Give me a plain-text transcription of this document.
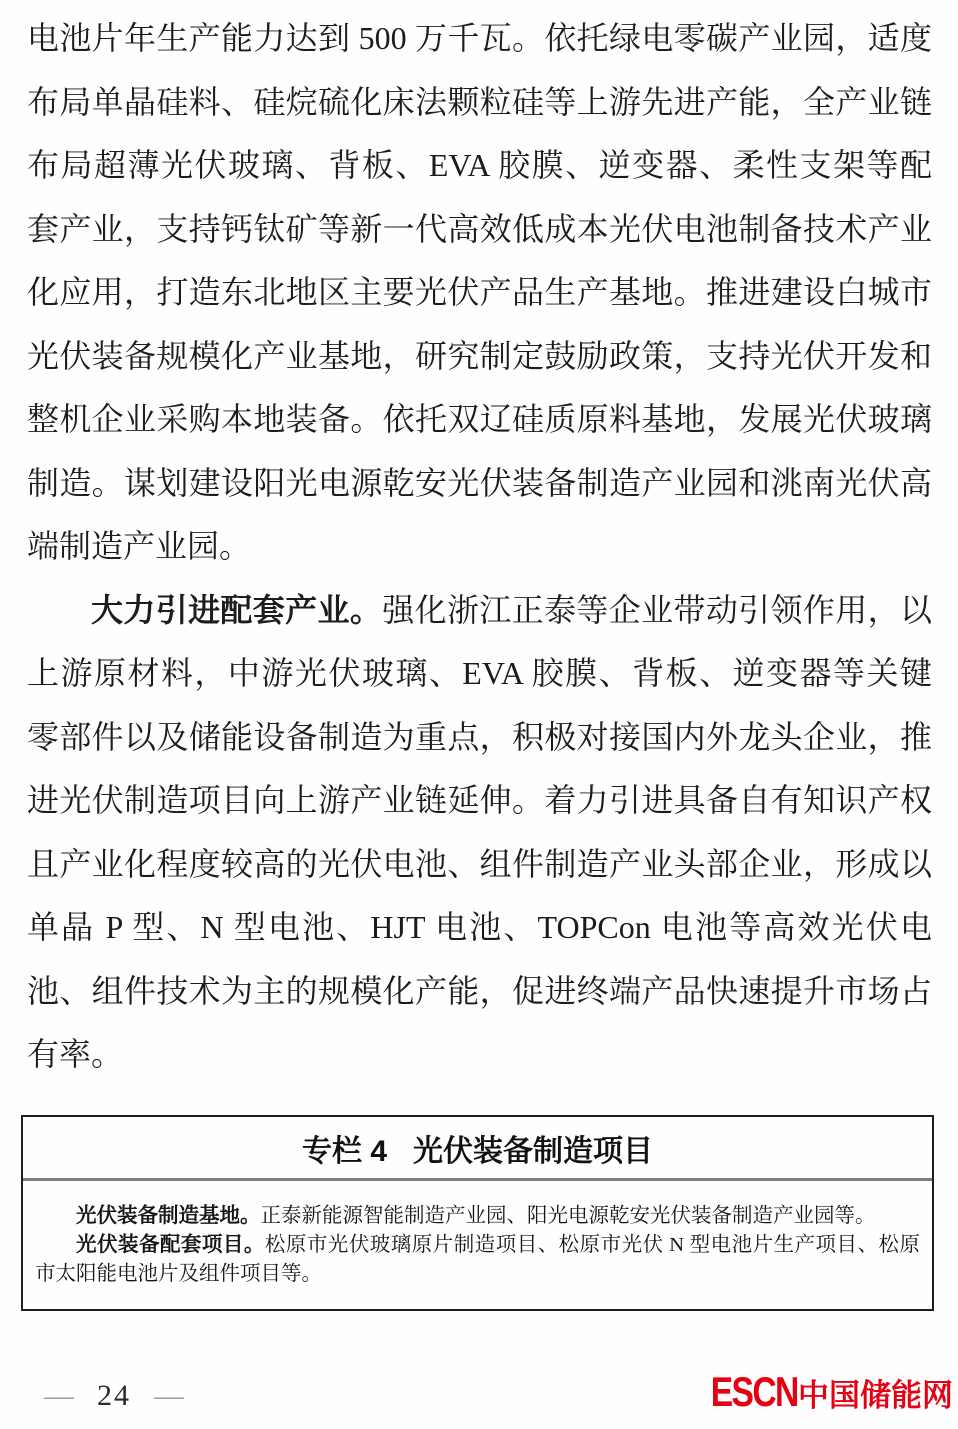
电池片年生产能力达到 500 万千瓦。依托绿电零碳产业园，适度
布局单晶硅料、硅烷硫化床法颗粒硅等上游先进产能，全产业链
布局超薄光伏玻璃、背板、EVA 胶膜、逆变器、柔性支架等配
套产业，支持钙钛矿等新一代高效低成本光伏电池制备技术产业
化应用，打造东北地区主要光伏产品生产基地。推进建设白城市
光伏装备规模化产业基地，研究制定鼓励政策，支持光伏开发和
整机企业采购本地装备。依托双辽硅质原料基地，发展光伏玻璃
制造。谋划建设阳光电源乾安光伏装备制造产业园和洮南光伏高
端制造产业园。
大力引进配套产业。强化浙江正泰等企业带动引领作用，以
上游原材料，中游光伏玻璃、EVA 胶膜、背板、逆变器等关键
零部件以及储能设备制造为重点，积极对接国内外龙头企业，推
进光伏制造项目向上游产业链延伸。着力引进具备自有知识产权
且产业化程度较高的光伏电池、组件制造产业头部企业，形成以
单晶 P 型、N 型电池、HJT 电池、TOPCon 电池等高效光伏电
池、组件技术为主的规模化产能，促进终端产品快速提升市场占
有率。
专栏 4 光伏装备制造项目

光伏装备制造基地。正泰新能源智能制造产业园、阳光电源乾安光伏装备制造产业园等。

光伏装备配套项目。松原市光伏玻璃原片制造项目、松原市光伏 N 型电池片生产项目、松原市太阳能电池片及组件项目等。

— 24 —	ESCN 中国储能网
